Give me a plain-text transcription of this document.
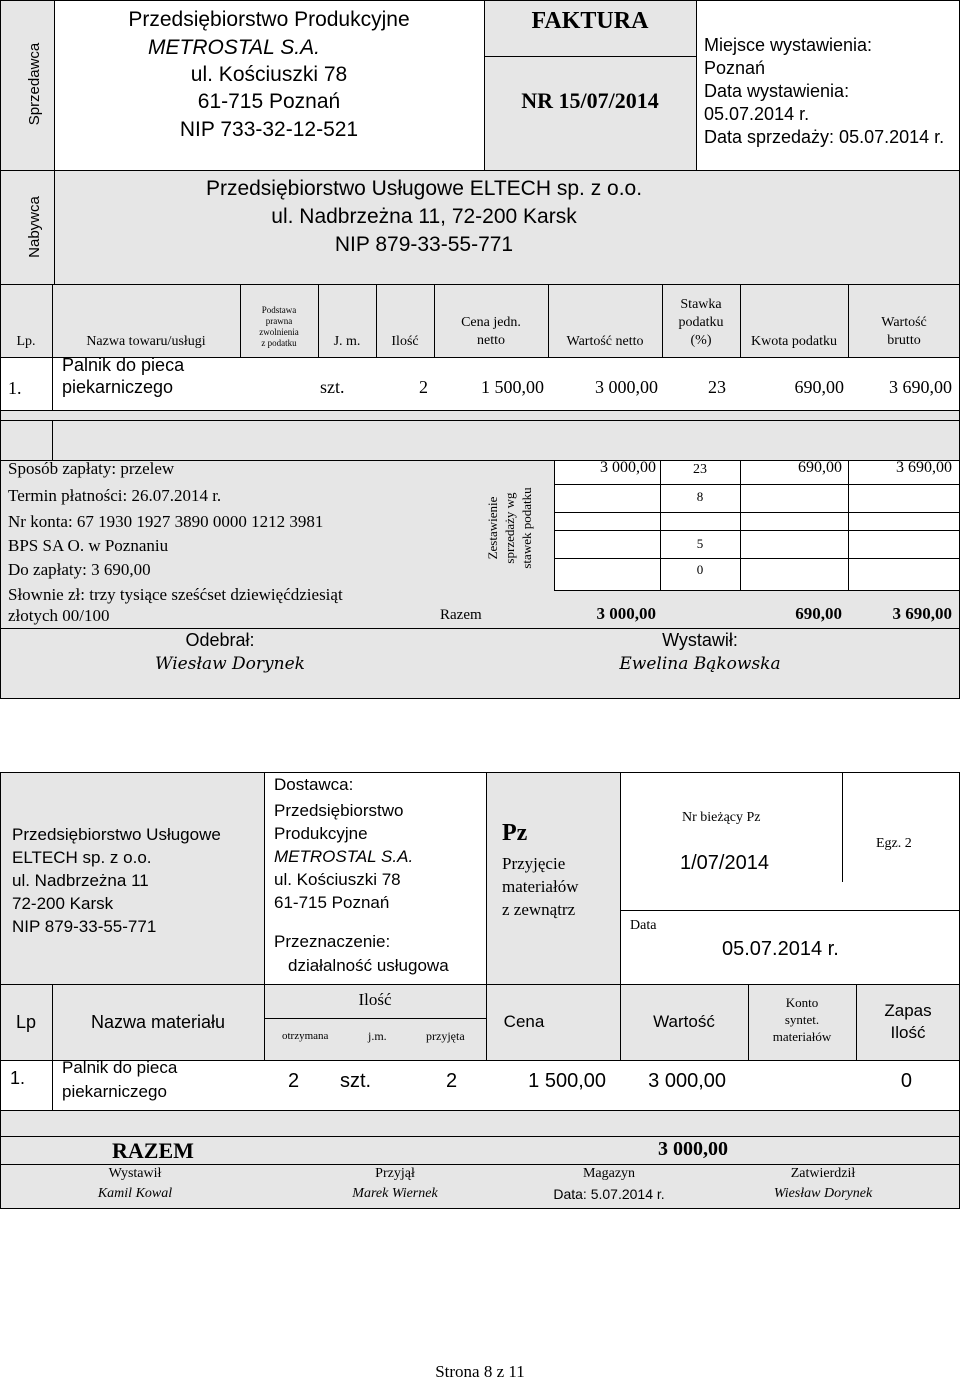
Sprzedawca
Nabywca
Przedsiębiorstwo Produkcyjne
METROSTAL S.A.
ul. Kościuszki 78
61-715 Poznań
NIP 733-32-12-521
FAKTURA
NR 15/07/2014
Miejsce wystawienia:
Poznań
Data wystawienia:
05.07.2014 r.
Data sprzedaży: 05.07.2014 r.
Przedsiębiorstwo Usługowe ELTECH sp. z o.o.
ul. Nadbrzeżna 11, 72-200 Karsk
NIP 879-33-55-771
Lp.	Nazwa towaru/usługi
Podstawa
prawna
zwolnienia
z podatku	J. m.	Ilość
Cena jedn.
netto	Wartość netto
Stawka
podatku
(%)	Kwota podatku
Wartość
brutto
1.
Palnik do pieca
piekarniczego	szt.	2	1 500,00	3 000,00	23	690,00	3 690,00
Sposób zapłaty: przelew
Termin płatności: 26.07.2014 r.
Nr konta: 67 1930 1927 3890 0000 1212 3981
BPS SA O. w Poznaniu
Do zapłaty: 3 690,00
Słownie zł: trzy tysiące sześćset dziewięćdziesiąt
złotych 00/100
Zestawienie sprzedaży wg stawek podatku
3 000,00	23	690,00	3 690,00
8
5
0
Razem	3 000,00	690,00	3 690,00
Odebrał:
Wiesław Dorynek
Wystawił:
Ewelina Bąkowska
Przedsiębiorstwo Usługowe
ELTECH sp. z o.o.
ul. Nadbrzeżna 11
72-200 Karsk
NIP 879-33-55-771
Dostawca:
Przedsiębiorstwo
Produkcyjne
METROSTAL S.A.
ul. Kościuszki 78
61-715 Poznań
Przeznaczenie:
działalność usługowa
Pz
Przyjęcie
materiałów
z zewnątrz
Nr bieżący Pz
1/07/2014
Egz. 2
Data
05.07.2014 r.
Lp	Nazwa materiału
Ilość
otrzymana	j.m.	przyjęta
Cena	Wartość
Konto
syntet.
materiałów
Zapas
Ilość
1.
Palnik do pieca
piekarniczego	2 szt.	2	1 500,00	3 000,00	0
RAZEM	3 000,00
Wystawił
Kamil Kowal
Przyjął
Marek Wiernek
Magazyn
Data: 5.07.2014 r.
Zatwierdził
Wiesław Dorynek
Strona 8 z 11
